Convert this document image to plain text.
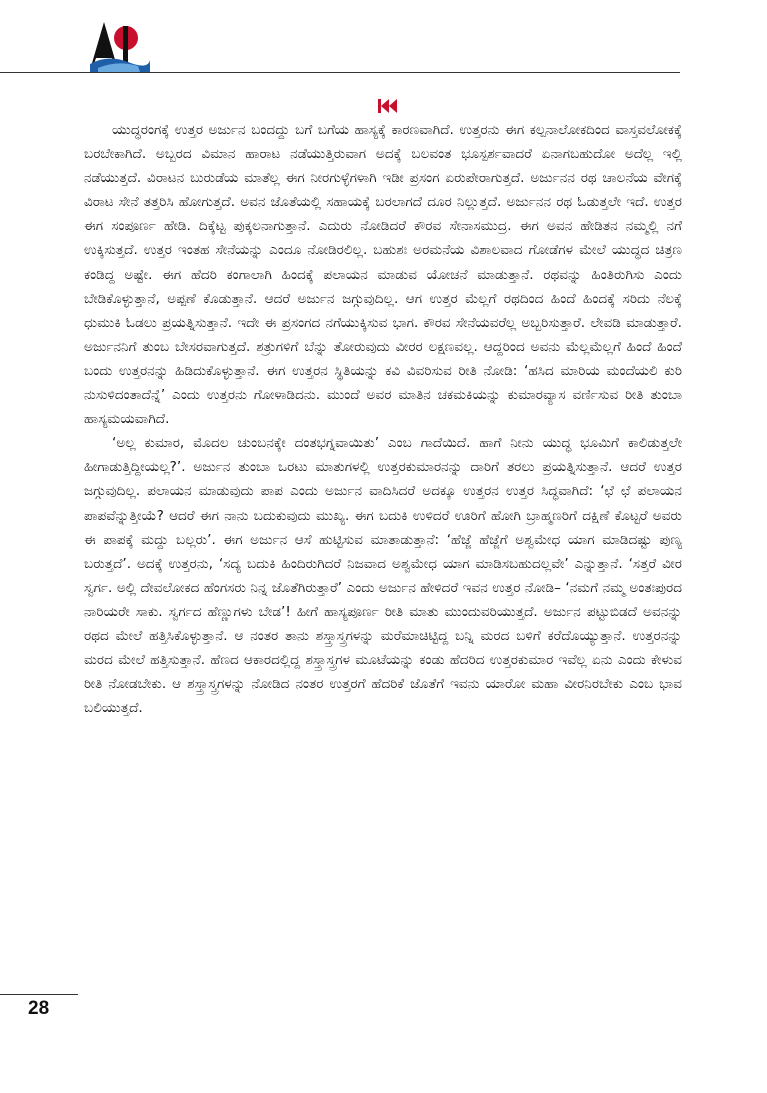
ಯುದ್ಧರಂಗಕ್ಕೆ ಉತ್ತರ ಅರ್ಜುನ ಬಂದದ್ದು ಬಗೆ ಬಗೆಯ ಹಾಸ್ಯಕ್ಕೆ ಕಾರಣವಾಗಿದೆ. ಉತ್ತರನು ಈಗ ಕಲ್ಪನಾಲೋಕದಿಂದ ವಾಸ್ತವಲೋಕಕ್ಕೆ ಬರಬೇಕಾಗಿದೆ. ಅಬ್ಬರದ ವಿಮಾನ ಹಾರಾಟ ನಡೆಯುತ್ತಿರುವಾಗ ಅದಕ್ಕೆ ಬಲವಂತ ಭೂಸ್ಪರ್ಶವಾದರೆ ಏನಾಗಬಹುದೋ ಅದೆಲ್ಲ ಇಲ್ಲಿ ನಡೆಯುತ್ತದೆ. ವಿರಾಟನ ಬುರುಡೆಯ ಮಾತೆಲ್ಲ ಈಗ ನೀರಗುಳ್ಳೆಗಳಾಗಿ ಇಡೀ ಪ್ರಸಂಗ ಏರುಪೇರಾಗುತ್ತದೆ. ಅರ್ಜುನನ ರಥ ಚಾಲನೆಯ ವೇಗಕ್ಕೆ ವಿರಾಟ ಸೇನೆ ತತ್ತರಿಸಿ ಹೋಗುತ್ತದೆ. ಅವನ ಜೊತೆಯಲ್ಲಿ ಸಹಾಯಕ್ಕೆ ಬರಲಾಗದೆ ದೂರ ನಿಲ್ಲುತ್ತದೆ. ಅರ್ಜುನನ ರಥ ಓಡುತ್ತಲೇ ಇದೆ. ಉತ್ತರ ಈಗ ಸಂಪೂರ್ಣ ಹೇಡಿ. ದಿಕ್ಕೆಟ್ಟ ಪುಕ್ಕಲನಾಗುತ್ತಾನೆ. ಎದುರು ನೋಡಿದರೆ ಕೌರವ ಸೇನಾಸಮುದ್ರ. ಈಗ ಅವನ ಹೇಡಿತನ ನಮ್ಮಲ್ಲಿ ನಗೆ ಉಕ್ಕಿಸುತ್ತದೆ. ಉತ್ತರ ಇಂತಹ ಸೇನೆಯನ್ನು ಎಂದೂ ನೋಡಿರಲಿಲ್ಲ. ಬಹುಶಃ ಅರಮನೆಯ ವಿಶಾಲವಾದ ಗೋಡೆಗಳ ಮೇಲೆ ಯುದ್ಧದ ಚಿತ್ರಣ ಕಂಡಿದ್ದ ಅಷ್ಟೇ. ಈಗ ಹೆದರಿ ಕಂಗಾಲಾಗಿ ಹಿಂದಕ್ಕೆ ಪಲಾಯನ ಮಾಡುವ ಯೋಚನೆ ಮಾಡುತ್ತಾನೆ. ರಥವನ್ನು ಹಿಂತಿರುಗಿಸು ಎಂದು ಬೇಡಿಕೊಳ್ಳುತ್ತಾನೆ, ಅಪ್ಪಣೆ ಕೊಡುತ್ತಾನೆ. ಆದರೆ ಅರ್ಜುನ ಜಗ್ಗುವುದಿಲ್ಲ. ಆಗ ಉತ್ತರ ಮೆಲ್ಲಗೆ ರಥದಿಂದ ಹಿಂದೆ ಹಿಂದಕ್ಕೆ ಸರಿದು ನೆಲಕ್ಕೆ ಧುಮುಕಿ ಓಡಲು ಪ್ರಯತ್ನಿಸುತ್ತಾನೆ. ಇದೇ ಈ ಪ್ರಸಂಗದ ನಗೆಯುಕ್ಕಿಸುವ ಭಾಗ. ಕೌರವ ಸೇನೆಯವರೆಲ್ಲ ಅಬ್ಬರಿಸುತ್ತಾರೆ. ಲೇವಡಿ ಮಾಡುತ್ತಾರೆ. ಅರ್ಜುನನಿಗೆ ತುಂಬ ಬೇಸರವಾಗುತ್ತದೆ. ಶತ್ರುಗಳಿಗೆ ಬೆನ್ನು ತೋರುವುದು ವೀರರ ಲಕ್ಷಣವಲ್ಲ. ಆದ್ದರಿಂದ ಅವನು ಮೆಲ್ಲಮೆಲ್ಲಗೆ ಹಿಂದೆ ಹಿಂದೆ ಬಂದು ಉತ್ತರನನ್ನು ಹಿಡಿದುಕೊಳ್ಳುತ್ತಾನೆ. ಈಗ ಉತ್ತರನ ಸ್ಥಿತಿಯನ್ನು ಕವಿ ವಿವರಿಸುವ ರೀತಿ ನೋಡಿ: ‘ಹಸಿದ ಮಾರಿಯ ಮಂದೆಯಲಿ ಕುರಿ ನುಸುಳಿದಂತಾದೆನ್ನೆ’ ಎಂದು ಉತ್ತರನು ಗೋಳಾಡಿದನು. ಮುಂದೆ ಅವರ ಮಾತಿನ ಚಕಮಕಿಯನ್ನು ಕುಮಾರವ್ಯಾಸ ವರ್ಣಿಸುವ ರೀತಿ ತುಂಬಾ ಹಾಸ್ಯಮಯವಾಗಿದೆ.

‘ಅಲ್ಲ ಕುಮಾರ, ಮೊದಲ ಚುಂಬನಕ್ಕೇ ದಂತಭಗ್ನವಾಯಿತು’ ಎಂಬ ಗಾದೆಯಿದೆ. ಹಾಗೆ ನೀನು ಯುದ್ಧ ಭೂಮಿಗೆ ಕಾಲಿಡುತ್ತಲೇ ಹೀಗಾಡುತ್ತಿದ್ದೀಯಲ್ಲ?’. ಅರ್ಜುನ ತುಂಬಾ ಒರಟು ಮಾತುಗಳಲ್ಲಿ ಉತ್ತರಕುಮಾರನನ್ನು ದಾರಿಗೆ ತರಲು ಪ್ರಯತ್ನಿಸುತ್ತಾನೆ. ಆದರೆ ಉತ್ತರ ಜಗ್ಗುವುದಿಲ್ಲ. ಪಲಾಯನ ಮಾಡುವುದು ಪಾಪ ಎಂದು ಅರ್ಜುನ ವಾದಿಸಿದರೆ ಅದಕ್ಕೂ ಉತ್ತರನ ಉತ್ತರ ಸಿದ್ಧವಾಗಿದೆ: ‘ಛೆ ಛೆ ಪಲಾಯನ ಪಾಪವೆನ್ನುತ್ತೀಯೆ? ಆದರೆ ಈಗ ನಾನು ಬದುಕುವುದು ಮುಖ್ಯ. ಈಗ ಬದುಕಿ ಉಳಿದರೆ ಊರಿಗೆ ಹೋಗಿ ಬ್ರಾಹ್ಮಣರಿಗೆ ದಕ್ಷಿಣೆ ಕೊಟ್ಟರೆ ಅವರು ಈ ಪಾಪಕ್ಕೆ ಮದ್ದು ಬಲ್ಲರು’. ಈಗ ಅರ್ಜುನ ಆಸೆ ಹುಟ್ಟಿಸುವ ಮಾತಾಡುತ್ತಾನೆ: ‘ಹೆಜ್ಜೆ ಹೆಜ್ಜೆಗೆ ಅಶ್ವಮೇಧ ಯಾಗ ಮಾಡಿದಷ್ಟು ಪುಣ್ಯ ಬರುತ್ತದೆ’. ಅದಕ್ಕೆ ಉತ್ತರನು, ‘ಸದ್ಯ ಬದುಕಿ ಹಿಂದಿರುಗಿದರೆ ನಿಜವಾದ ಅಶ್ವಮೇಧ ಯಾಗ ಮಾಡಿಸಬಹುದಲ್ಲವೇ’ ಎನ್ನುತ್ತಾನೆ. ‘ಸತ್ತರೆ ವೀರ ಸ್ವರ್ಗ. ಅಲ್ಲಿ ದೇವಲೋಕದ ಹೆಂಗಸರು ನಿನ್ನ ಜೊತೆಗಿರುತ್ತಾರೆ’ ಎಂದು ಅರ್ಜುನ ಹೇಳಿದರೆ ಇವನ ಉತ್ತರ ನೋಡಿ– ‘ನಮಗೆ ನಮ್ಮ ಅಂತಃಪುರದ ನಾರಿಯರೇ ಸಾಕು. ಸ್ವರ್ಗದ ಹೆಣ್ಣುಗಳು ಬೇಡ’! ಹೀಗೆ ಹಾಸ್ಯಪೂರ್ಣ ರೀತಿ ಮಾತು ಮುಂದುವರಿಯುತ್ತದೆ. ಅರ್ಜುನ ಪಟ್ಟುಬಿಡದೆ ಅವನನ್ನು ರಥದ ಮೇಲೆ ಹತ್ತಿಸಿಕೊಳ್ಳುತ್ತಾನೆ. ಆ ನಂತರ ತಾನು ಶಸ್ತ್ರಾಸ್ತ್ರಗಳನ್ನು ಮರೆಮಾಚಿಟ್ಟಿದ್ದ ಬನ್ನಿ ಮರದ ಬಳಿಗೆ ಕರೆದೊಯ್ಯುತ್ತಾನೆ. ಉತ್ತರನನ್ನು ಮರದ ಮೇಲೆ ಹತ್ತಿಸುತ್ತಾನೆ. ಹೆಣದ ಆಕಾರದಲ್ಲಿದ್ದ ಶಸ್ತ್ರಾಸ್ತ್ರಗಳ ಮೂಟೆಯನ್ನು ಕಂಡು ಹೆದರಿದ ಉತ್ತರಕುಮಾರ ಇವೆಲ್ಲ ಏನು ಎಂದು ಕೇಳುವ ರೀತಿ ನೋಡಬೇಕು. ಆ ಶಸ್ತ್ರಾಸ್ತ್ರಗಳನ್ನು ನೋಡಿದ ನಂತರ ಉತ್ತರಗೆ ಹೆದರಿಕೆ ಜೊತೆಗೆ ಇವನು ಯಾರೋ ಮಹಾ ವೀರನಿರಬೇಕು ಎಂಬ ಭಾವ ಬಲಿಯುತ್ತದೆ.

28
